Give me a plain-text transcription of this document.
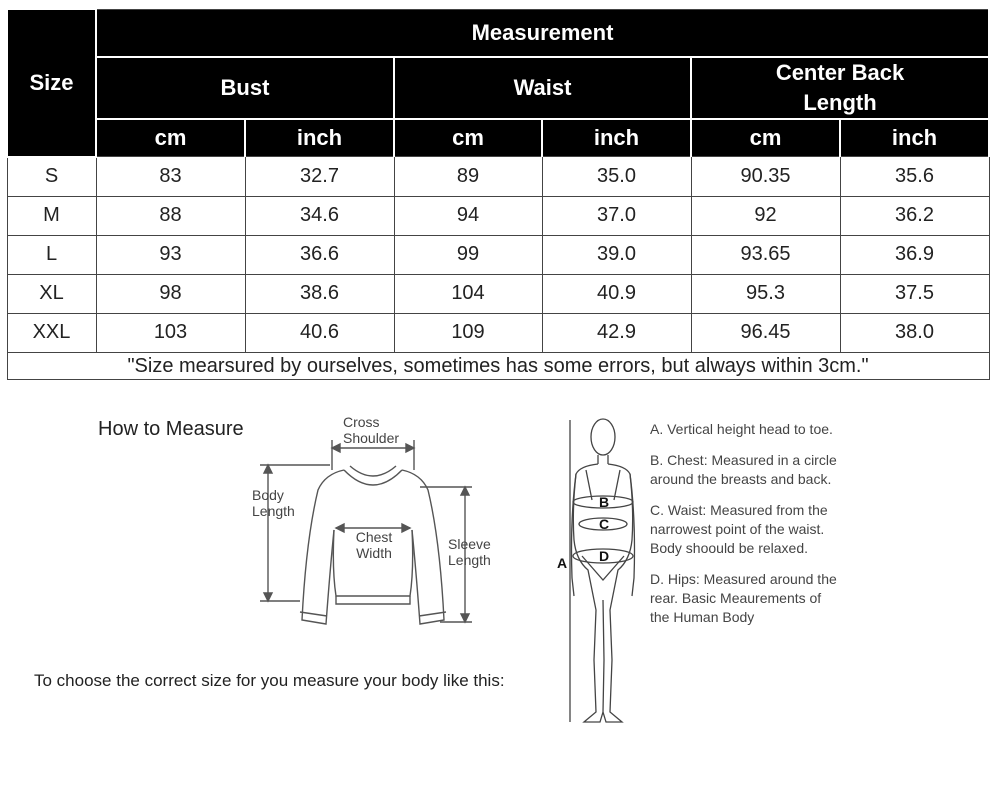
Size	Measurement					
	Bust		Waist		Center Back Length	
	cm	inch	cm	inch	cm	inch
S	83	32.7	89	35.0	90.35	35.6
M	88	34.6	94	37.0	92	36.2
L	93	36.6	99	39.0	93.65	36.9
XL	98	38.6	104	40.9	95.3	37.5
XXL	103	40.6	109	42.9	96.45	38.0
"Size mearsured by ourselves, sometimes has some errors, but always within 3cm."						
How to Measure	Cross Shoulder
Body Length
Chest Width
Sleeve Length
To choose the correct size for you measure your body like this:
A
B
C
D
A. Vertical height head to toe.
B. Chest: Measured in a circle around the breasts and back.
C. Waist: Measured from the narrowest point of the waist. Body shoould be relaxed.
D. Hips: Measured around the rear. Basic Meaurements of the Human Body
